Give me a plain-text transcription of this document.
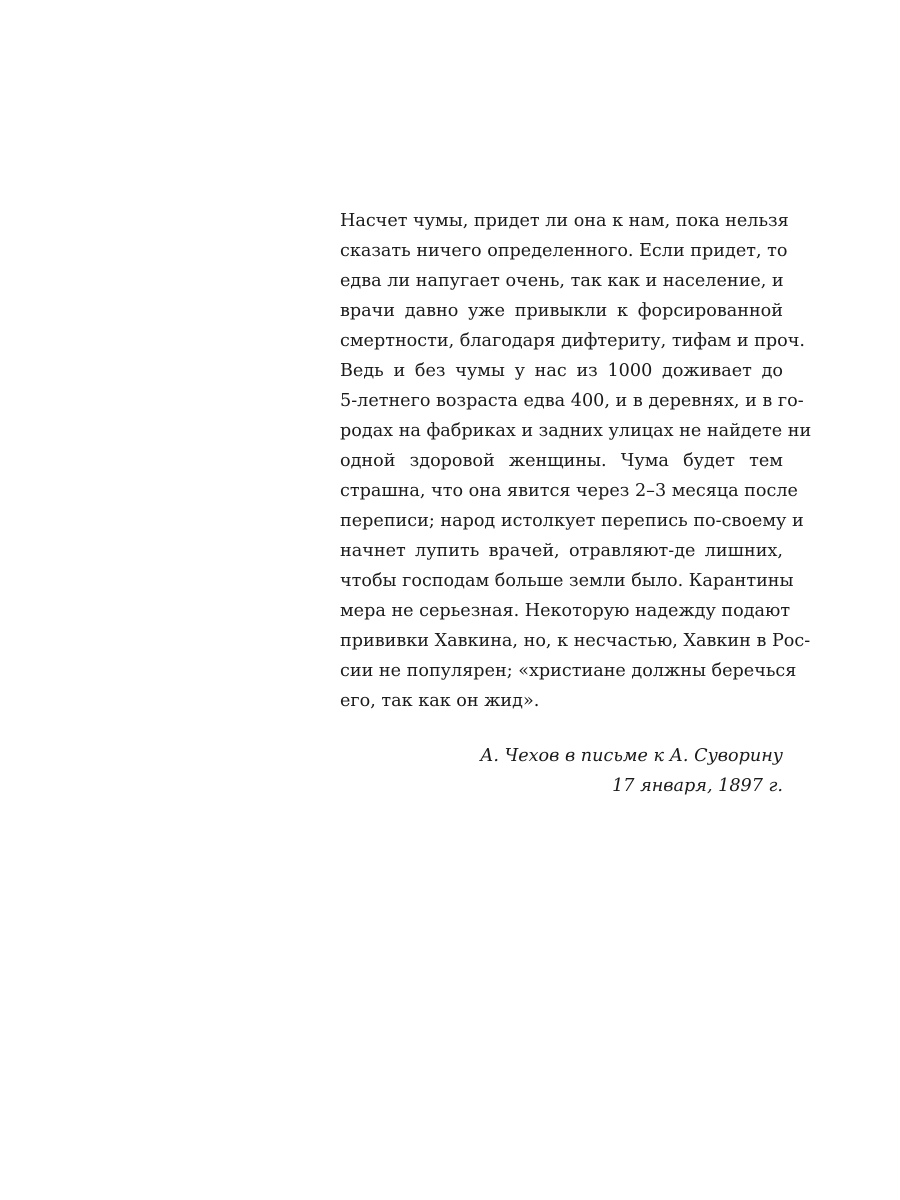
Насчет чумы, придет ли она к нам, пока нельзя
сказать ничего определенного. Если придет, то
едва ли напугает очень, так как и население, и
врачи давно уже привыкли к форсированной
смертности, благодаря дифтериту, тифам и проч.
Ведь и без чумы у нас из 1000 доживает до
5-летнего возраста едва 400, и в деревнях, и в го-
родах на фабриках и задних улицах не найдете ни
одной здоровой женщины. Чума будет тем
страшна, что она явится через 2–3 месяца после
переписи; народ истолкует перепись по-своему и
начнет лупить врачей, отравляют-де лишних,
чтобы господам больше земли было. Карантины
мера не серьезная. Некоторую надежду подают
прививки Хавкина, но, к несчастью, Хавкин в Рос-
сии не популярен; «христиане должны беречься
его, так как он жид».
А. Чехов в письме к А. Суворину
17 января, 1897 г.
